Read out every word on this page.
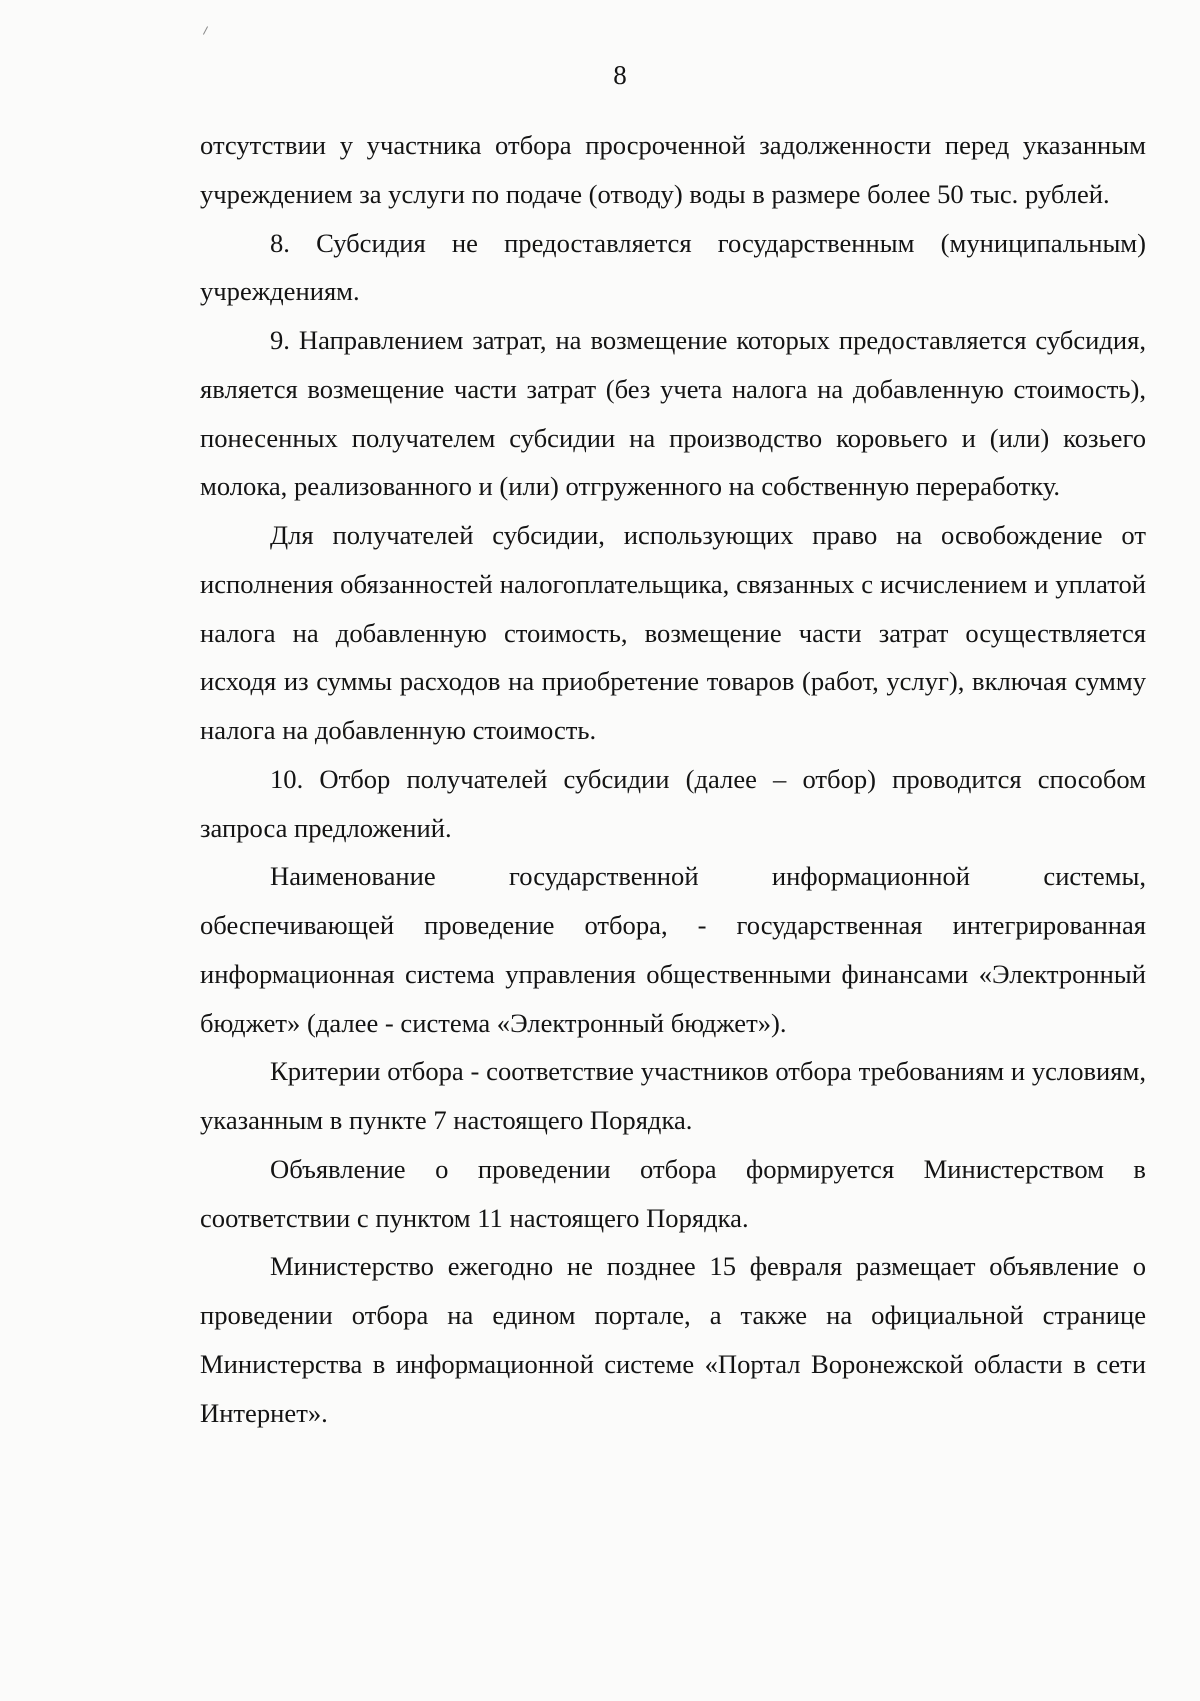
8

отсутствии у участника отбора просроченной задолженности перед указанным учреждением за услуги по подаче (отводу) воды в размере более 50 тыс. рублей.

8. Субсидия не предоставляется государственным (муниципальным) учреждениям.

9. Направлением затрат, на возмещение которых предоставляется субсидия, является возмещение части затрат (без учета налога на добавленную стоимость), понесенных получателем субсидии на производство коровьего и (или) козьего молока, реализованного и (или) отгруженного на собственную переработку.

Для получателей субсидии, использующих право на освобождение от исполнения обязанностей налогоплательщика, связанных с исчислением и уплатой налога на добавленную стоимость, возмещение части затрат осуществляется исходя из суммы расходов на приобретение товаров (работ, услуг), включая сумму налога на добавленную стоимость.

10. Отбор получателей субсидии (далее – отбор) проводится способом запроса предложений.

Наименование государственной информационной системы, обеспечивающей проведение отбора, - государственная интегрированная информационная система управления общественными финансами «Электронный бюджет» (далее - система «Электронный бюджет»).

Критерии отбора - соответствие участников отбора требованиям и условиям, указанным в пункте 7 настоящего Порядка.

Объявление о проведении отбора формируется Министерством в соответствии с пунктом 11 настоящего Порядка.

Министерство ежегодно не позднее 15 февраля размещает объявление о проведении отбора на едином портале, а также на официальной странице Министерства в информационной системе «Портал Воронежской области в сети Интернет».
